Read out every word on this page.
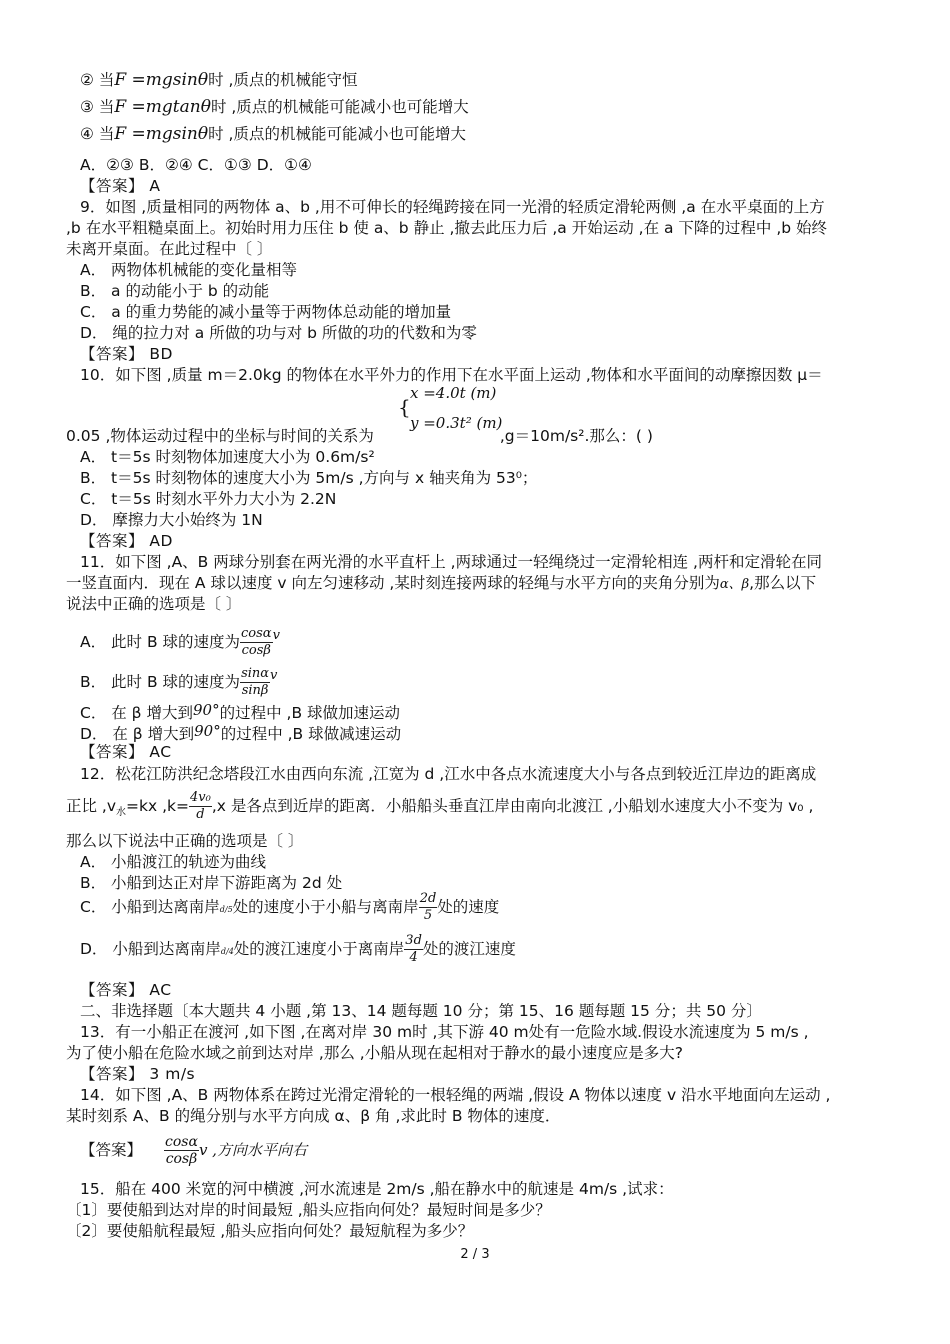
② 当F =mgsinθ时 ,质点的机械能守恒
③ 当F =mgtanθ时 ,质点的机械能可能减小也可能增大
④ 当F =mgsinθ时 ,质点的机械能可能减小也可能增大
A．②③ B．②④ C．①③ D．①④
【答案】 A
9．如图 ,质量相同的两物体 a、b ,用不可伸长的轻绳跨接在同一光滑的轻质定滑轮两侧 ,a 在水平桌面的上方
,b 在水平粗糙桌面上。初始时用力压住 b 使 a、b 静止 ,撤去此压力后 ,a 开始运动 ,在 a 下降的过程中 ,b 始终
未离开桌面。在此过程中〔 〕
A． 两物体机械能的变化量相等
B． a 的动能小于 b 的动能
C． a 的重力势能的减小量等于两物体总动能的增加量
D． 绳的拉力对 a 所做的功与对 b 所做的功的代数和为零
【答案】 BD
10．如下图 ,质量 m＝2.0kg 的物体在水平外力的作用下在水平面上运动 ,物体和水平面间的动摩擦因数 μ＝
x =4.0t (m)
{
y =0.3t² (m)
0.05 ,物体运动过程中的坐标与时间的关系为	,g＝10m/s².那么：( )
A． t＝5s 时刻物体加速度大小为 0.6m/s²
B． t＝5s 时刻物体的速度大小为 5m/s ,方向与 x 轴夹角为 53⁰；
C． t＝5s 时刻水平外力大小为 2.2N
D． 摩擦力大小始终为 1N
【答案】 AD
11．如下图 ,A、B 两球分别套在两光滑的水平直杆上 ,两球通过一轻绳绕过一定滑轮相连 ,两杆和定滑轮在同
一竖直面内．现在 A 球以速度 v 向左匀速移动 ,某时刻连接两球的轻绳与水平方向的夹角分别为α、β,那么以下
说法中正确的选项是〔 〕
A． 此时 B 球的速度为 $\frac{\cos\alpha}{\cos\beta} ^v$
B． 此时 B 球的速度为 $\frac{\sin\alpha}{\sin\beta} ^v$
C． 在 β 增大到90°的过程中 ,B 球做加速运动
D． 在 β 增大到90°的过程中 ,B 球做减速运动
【答案】 AC
12．松花江防洪纪念塔段江水由西向东流 ,江宽为 d ,江水中各点水流速度大小与各点到较近江岸边的距离成
正比 $,v_水=kx$ $,k= \frac{\text{4v₀}}{d} ,x$ 是各点到近岸的距离．小船船头垂直江岸由南向北渡江 ,小船划水速度大小不变为 v₀ ,
那么以下说法中正确的选项是〔 〕
A． 小船渡江的轨迹为曲线
B． 小船到达正对岸下游距离为 2d 处
C． 小船到达离南岸d/5处的速度小于小船与离南岸 $\frac{2d}{5}$ 处的速度
D． 小船到达离南岸d/4处的渡江速度小于离南岸 $\frac{3d}{4}$ 处的渡江速度
【答案】 AC
二、非选择题〔本大题共 4 小题 ,第 13、14 题每题 10 分；第 15、16 题每题 15 分；共 50 分〕
13．有一小船正在渡河 ,如下图 ,在离对岸 30 m时 ,其下游 40 m处有一危险水域.假设水流速度为 5 m/s ,
为了使小船在危险水域之前到达对岸 ,那么 ,小船从现在起相对于静水的最小速度应是多大?
【答案】 3 m/s
14．如下图 ,A、B 两物体系在跨过光滑定滑轮的一根轻绳的两端 ,假设 A 物体以速度 v 沿水平地面向左运动 ,
某时刻系 A、B 的绳分别与水平方向成 α、β 角 ,求此时 B 物体的速度．
【答案】 $\frac{\cos\alpha}{\cos\beta}$ v ,方向水平向右
15．船在 400 米宽的河中横渡 ,河水流速是 2m/s ,船在静水中的航速是 4m/s ,试求：
〔1〕要使船到达对岸的时间最短 ,船头应指向何处？最短时间是多少？
〔2〕要使船航程最短 ,船头应指向何处？最短航程为多少？
2 / 3
